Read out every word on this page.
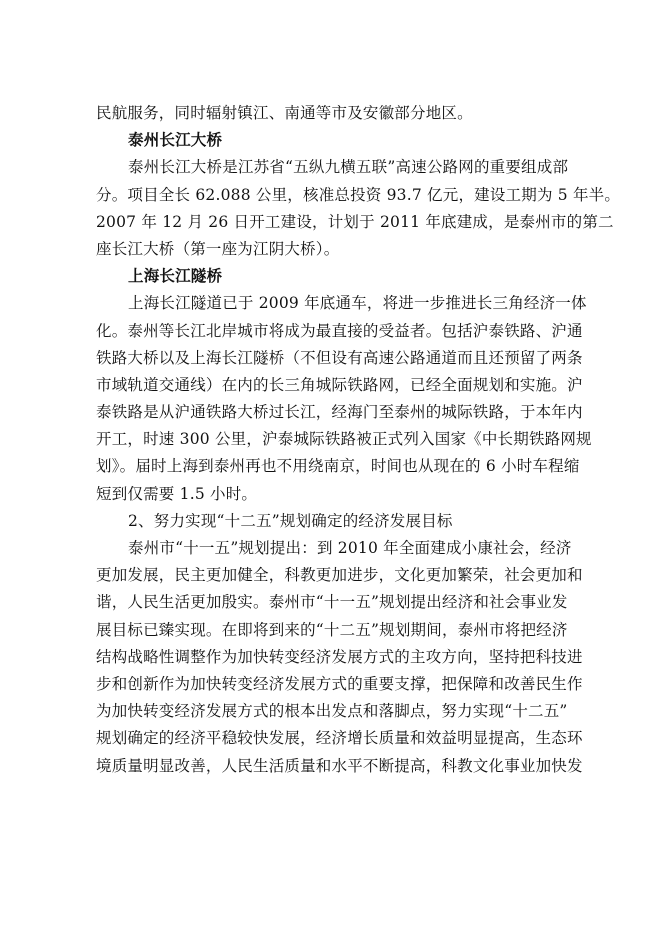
民航服务，同时辐射镇江、南通等市及安徽部分地区。
泰州长江大桥
泰州长江大桥是江苏省“五纵九横五联”高速公路网的重要组成部
分。项目全长 62.088 公里，核准总投资 93.7 亿元，建设工期为 5 年半。
2007 年 12 月 26 日开工建设，计划于 2011 年底建成，是泰州市的第二
座长江大桥（第一座为江阴大桥）。
上海长江隧桥
上海长江隧道已于 2009 年底通车，将进一步推进长三角经济一体
化。泰州等长江北岸城市将成为最直接的受益者。包括沪泰铁路、沪通
铁路大桥以及上海长江隧桥（不但设有高速公路通道而且还预留了两条
市域轨道交通线）在内的长三角城际铁路网，已经全面规划和实施。沪
泰铁路是从沪通铁路大桥过长江，经海门至泰州的城际铁路，于本年内
开工，时速 300 公里，沪泰城际铁路被正式列入国家《中长期铁路网规
划》。届时上海到泰州再也不用绕南京，时间也从现在的 6 小时车程缩
短到仅需要 1.5 小时。
2、努力实现“十二五”规划确定的经济发展目标
泰州市“十一五”规划提出：到 2010 年全面建成小康社会，经济
更加发展，民主更加健全，科教更加进步，文化更加繁荣，社会更加和
谐，人民生活更加殷实。泰州市“十一五”规划提出经济和社会事业发
展目标已臻实现。在即将到来的“十二五”规划期间，泰州市将把经济
结构战略性调整作为加快转变经济发展方式的主攻方向，坚持把科技进
步和创新作为加快转变经济发展方式的重要支撑，把保障和改善民生作
为加快转变经济发展方式的根本出发点和落脚点，努力实现“十二五”
规划确定的经济平稳较快发展，经济增长质量和效益明显提高，生态环
境质量明显改善，人民生活质量和水平不断提高，科教文化事业加快发
